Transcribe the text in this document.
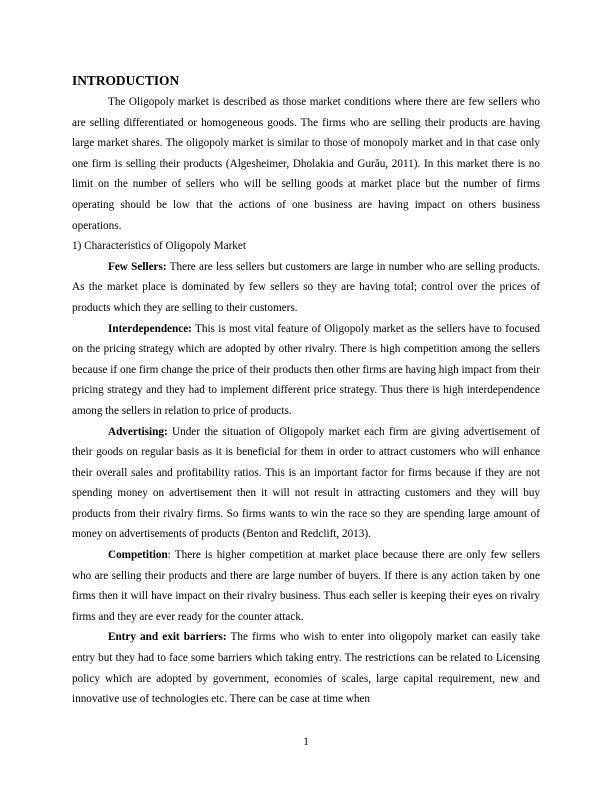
INTRODUCTION

The Oligopoly market is described as those market conditions where there are few sellers who are selling differentiated or homogeneous goods. The firms who are selling their products are having large market shares. The oligopoly market is similar to those of monopoly market and in that case only one firm is selling their products (Algesheimer, Dholakia and Gurău, 2011). In this market there is no limit on the number of sellers who will be selling goods at market place but the number of firms operating should be low that the actions of one business are having impact on others business operations.

1) Characteristics of Oligopoly Market

Few Sellers: There are less sellers but customers are large in number who are selling products. As the market place is dominated by few sellers so they are having total; control over the prices of products which they are selling to their customers.

Interdependence: This is most vital feature of Oligopoly market as the sellers have to focused on the pricing strategy which are adopted by other rivalry. There is high competition among the sellers because if one firm change the price of their products then other firms are having high impact from their pricing strategy and they had to implement different price strategy. Thus there is high interdependence among the sellers in relation to price of products.

Advertising: Under the situation of Oligopoly market each firm are giving advertisement of their goods on regular basis as it is beneficial for them in order to attract customers who will enhance their overall sales and profitability ratios. This is an important factor for firms because if they are not spending money on advertisement then it will not result in attracting customers and they will buy products from their rivalry firms. So firms wants to win the race so they are spending large amount of money on advertisements of products (Benton and Redclift, 2013).

Competition: There is higher competition at market place because there are only few sellers who are selling their products and there are large number of buyers. If there is any action taken by one firms then it will have impact on their rivalry business. Thus each seller is keeping their eyes on rivalry firms and they are ever ready for the counter attack.

Entry and exit barriers: The firms who wish to enter into oligopoly market can easily take entry but they had to face some barriers which taking entry. The restrictions can be related to Licensing policy which are adopted by government, economies of scales, large capital requirement, new and innovative use of technologies etc. There can be case at time when

1
